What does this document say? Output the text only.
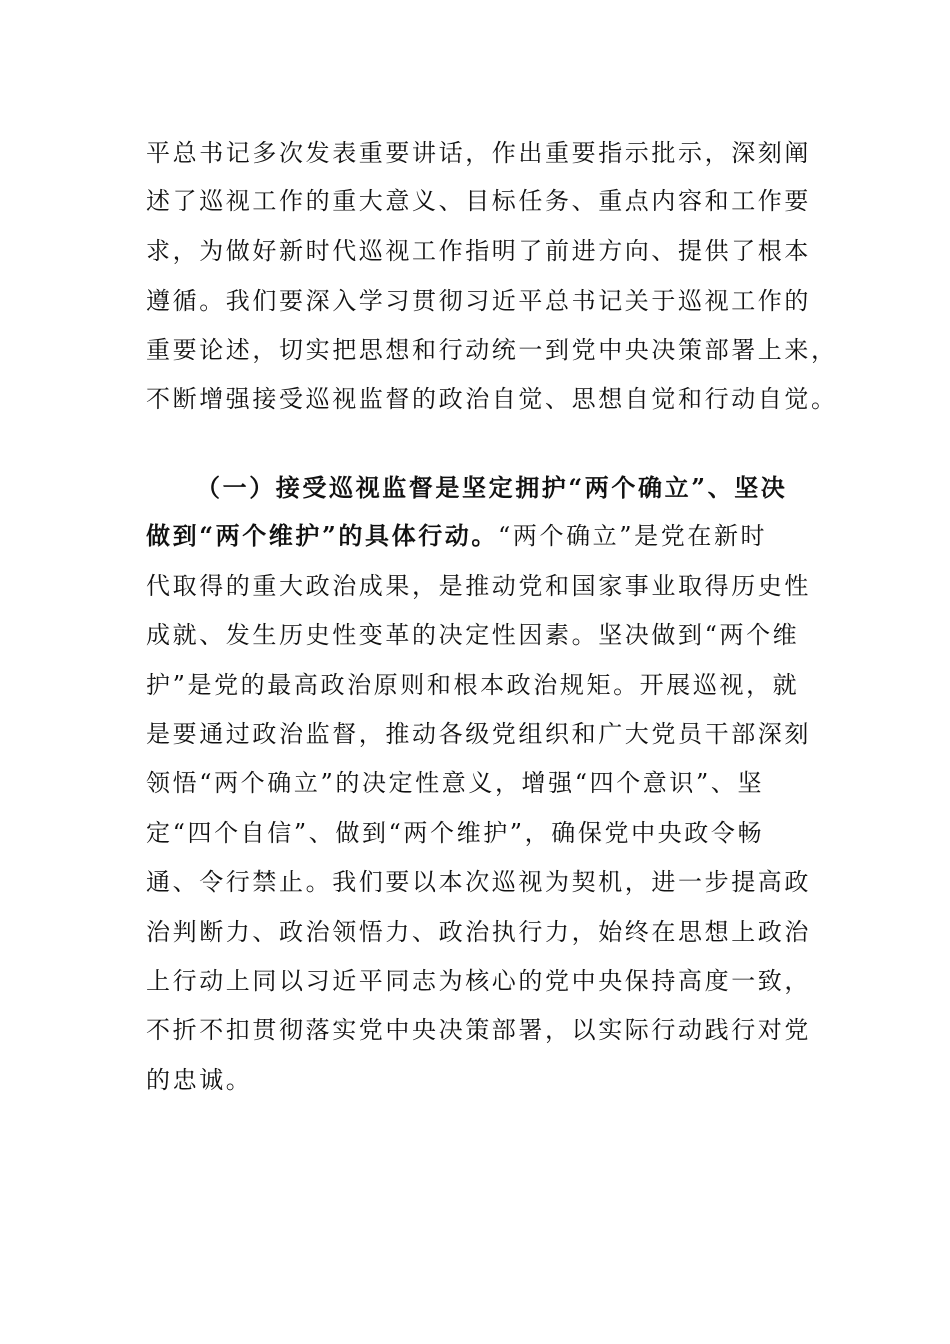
平总书记多次发表重要讲话，作出重要指示批示，深刻阐
述了巡视工作的重大意义、目标任务、重点内容和工作要
求，为做好新时代巡视工作指明了前进方向、提供了根本
遵循。我们要深入学习贯彻习近平总书记关于巡视工作的
重要论述，切实把思想和行动统一到党中央决策部署上来，
不断增强接受巡视监督的政治自觉、思想自觉和行动自觉。
（一）接受巡视监督是坚定拥护“两个确立”、坚决
做到“两个维护”的具体行动。“两个确立”是党在新时
代取得的重大政治成果，是推动党和国家事业取得历史性
成就、发生历史性变革的决定性因素。坚决做到“两个维
护”是党的最高政治原则和根本政治规矩。开展巡视，就
是要通过政治监督，推动各级党组织和广大党员干部深刻
领悟“两个确立”的决定性意义，增强“四个意识”、坚
定“四个自信”、做到“两个维护”，确保党中央政令畅
通、令行禁止。我们要以本次巡视为契机，进一步提高政
治判断力、政治领悟力、政治执行力，始终在思想上政治
上行动上同以习近平同志为核心的党中央保持高度一致，
不折不扣贯彻落实党中央决策部署，以实际行动践行对党
的忠诚。
